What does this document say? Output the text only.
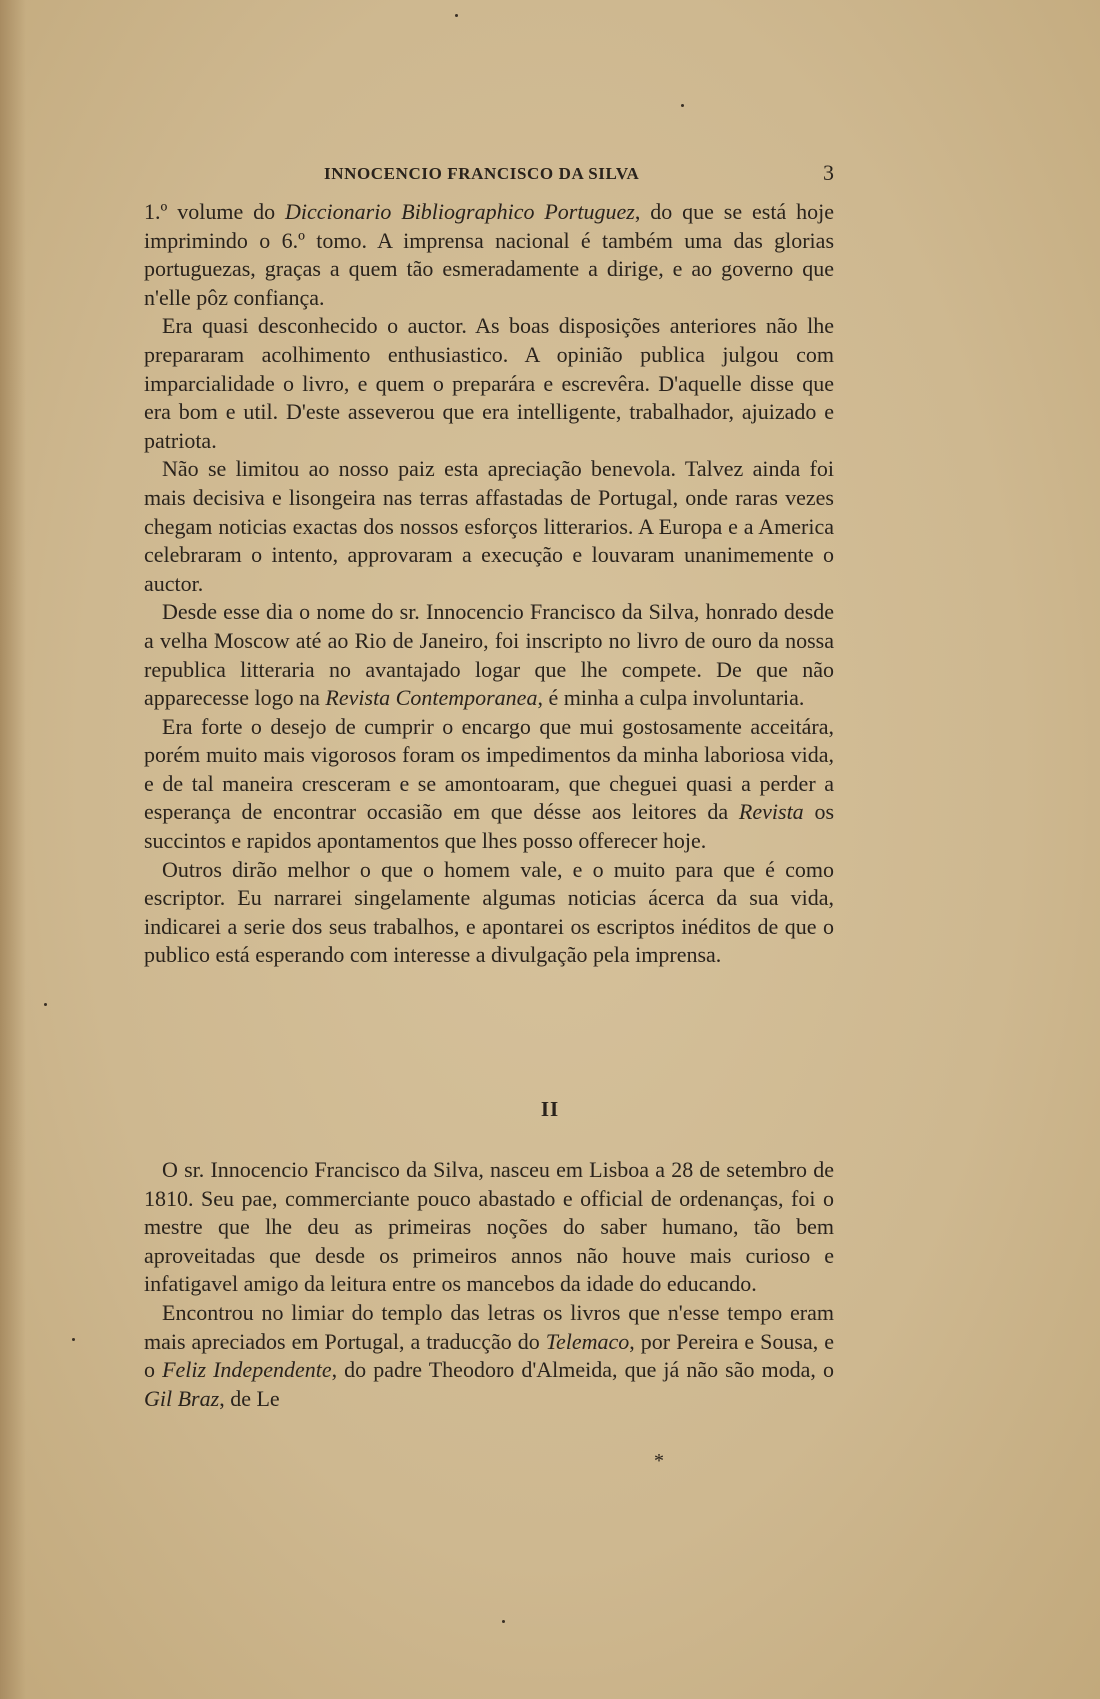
INNOCENCIO FRANCISCO DA SILVA	3

1.º volume do Diccionario Bibliographico Portuguez, do que se está hoje imprimindo o 6.º tomo. A imprensa nacional é também uma das glorias portuguezas, graças a quem tão esmeradamente a dirige, e ao governo que n'elle pôz confiança.

Era quasi desconhecido o auctor. As boas disposições anteriores não lhe prepararam acolhimento enthusiastico. A opinião publica julgou com imparcialidade o livro, e quem o preparára e escrevêra. D'aquelle disse que era bom e util. D'este asseverou que era intelligente, trabalhador, ajuizado e patriota.

Não se limitou ao nosso paiz esta apreciação benevola. Talvez ainda foi mais decisiva e lisongeira nas terras affastadas de Portugal, onde raras vezes chegam noticias exactas dos nossos esforços litterarios. A Europa e a America celebraram o intento, approvaram a execução e louvaram unanimemente o auctor.

Desde esse dia o nome do sr. Innocencio Francisco da Silva, honrado desde a velha Moscow até ao Rio de Janeiro, foi inscripto no livro de ouro da nossa republica litteraria no avantajado logar que lhe compete. De que não apparecesse logo na Revista Contemporanea, é minha a culpa involuntaria.

Era forte o desejo de cumprir o encargo que mui gostosamente acceitára, porém muito mais vigorosos foram os impedimentos da minha laboriosa vida, e de tal maneira cresceram e se amontoaram, que cheguei quasi a perder a esperança de encontrar occasião em que désse aos leitores da Revista os succintos e rapidos apontamentos que lhes posso offerecer hoje.

Outros dirão melhor o que o homem vale, e o muito para que é como escriptor. Eu narrarei singelamente algumas noticias ácerca da sua vida, indicarei a serie dos seus trabalhos, e apontarei os escriptos inéditos de que o publico está esperando com interesse a divulgação pela imprensa.

II

O sr. Innocencio Francisco da Silva, nasceu em Lisboa a 28 de setembro de 1810. Seu pae, commerciante pouco abastado e official de ordenanças, foi o mestre que lhe deu as primeiras noções do saber humano, tão bem aproveitadas que desde os primeiros annos não houve mais curioso e infatigavel amigo da leitura entre os mancebos da idade do educando.

Encontrou no limiar do templo das letras os livros que n'esse tempo eram mais apreciados em Portugal, a traducção do Telemaco, por Pereira e Sousa, e o Feliz Independente, do padre Theodoro d'Almeida, que já não são moda, o Gil Braz, de Le

*
